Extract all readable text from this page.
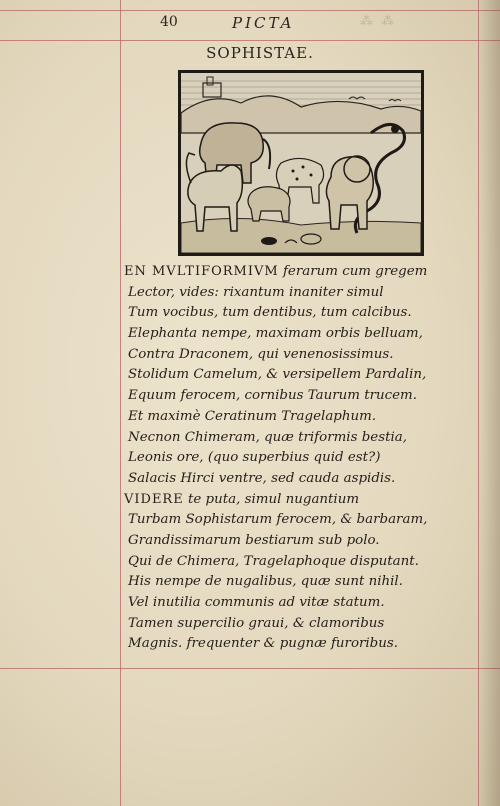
⁂ ⁂
40	PICTA
SOPHISTAE.
EN MVLTIFORMIVM ferarum cum gregem
Lector, vides: rixantum inaniter simul
Tum vocibus, tum dentibus, tum calcibus.
Elephanta nempe, maximam orbis belluam,
Contra Draconem, qui venenosissimus.
Stolidum Camelum, & versipellem Pardalin,
Equum ferocem, cornibus Taurum trucem.
Et maximè Ceratinum Tragelaphum.
Necnon Chimeram, quæ triformis bestia,
Leonis ore, (quo superbius quid est?)
Salacis Hirci ventre, sed cauda aspidis.
VIDERE te puta, simul nugantium
Turbam Sophistarum ferocem, & barbaram,
Grandissimarum bestiarum sub polo.
Qui de Chimera, Tragelaphoque disputant.
His nempe de nugalibus, quæ sunt nihil.
Vel inutilia communis ad vitæ statum.
Tamen supercilio graui, & clamoribus
Magnis. frequenter & pugnæ furoribus.
